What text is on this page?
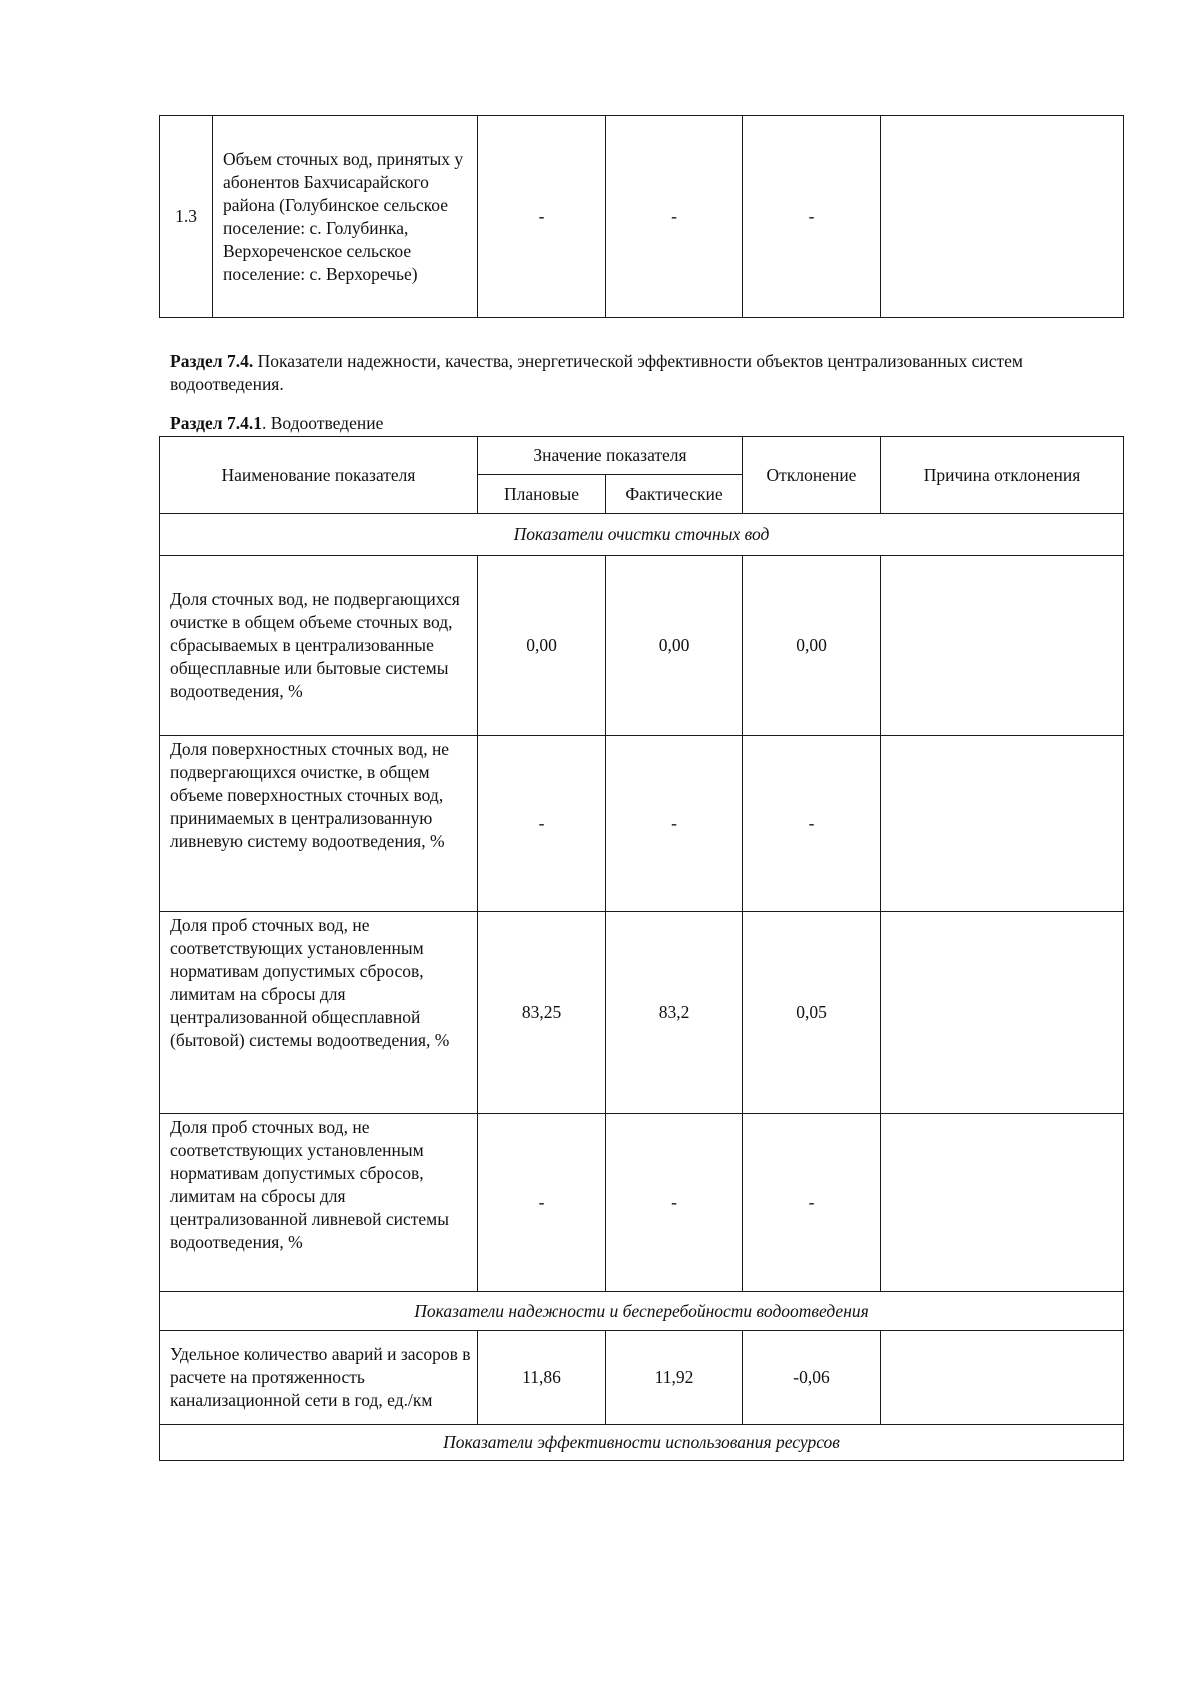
1.3	Объем сточных вод, принятых у абонентов Бахчисарайского района (Голубинское сельское поселение: с. Голубинка, Верхореченское сельское поселение: с. Верхоречье)	-	-	-	
Раздел 7.4. Показатели надежности, качества, энергетической эффективности объектов централизованных систем водоотведения.
Раздел 7.4.1. Водоотведение
Наименование показателя	Значение показателя		Отклонение	Причина отклонения
	Плановые	Фактические		
Показатели очистки сточных вод				
Доля сточных вод, не подвергающихся очистке в общем объеме сточных вод, сбрасываемых в централизованные общесплавные или бытовые системы водоотведения, %	0,00	0,00	0,00	
Доля поверхностных сточных вод, не подвергающихся очистке, в общем объеме поверхностных сточных вод, принимаемых в централизованную ливневую систему водоотведения, %	-	-	-	
Доля проб сточных вод, не соответствующих установленным нормативам допустимых сбросов, лимитам на сбросы для централизованной общесплавной (бытовой) системы водоотведения, %	83,25	83,2	0,05	
Доля проб сточных вод, не соответствующих установленным нормативам допустимых сбросов, лимитам на сбросы для централизованной ливневой системы водоотведения, %	-	-	-	
Показатели надежности и бесперебойности водоотведения				
Удельное количество аварий и засоров в расчете на протяженность канализационной сети в год, ед./км	11,86	11,92	-0,06	
Показатели эффективности использования ресурсов				
